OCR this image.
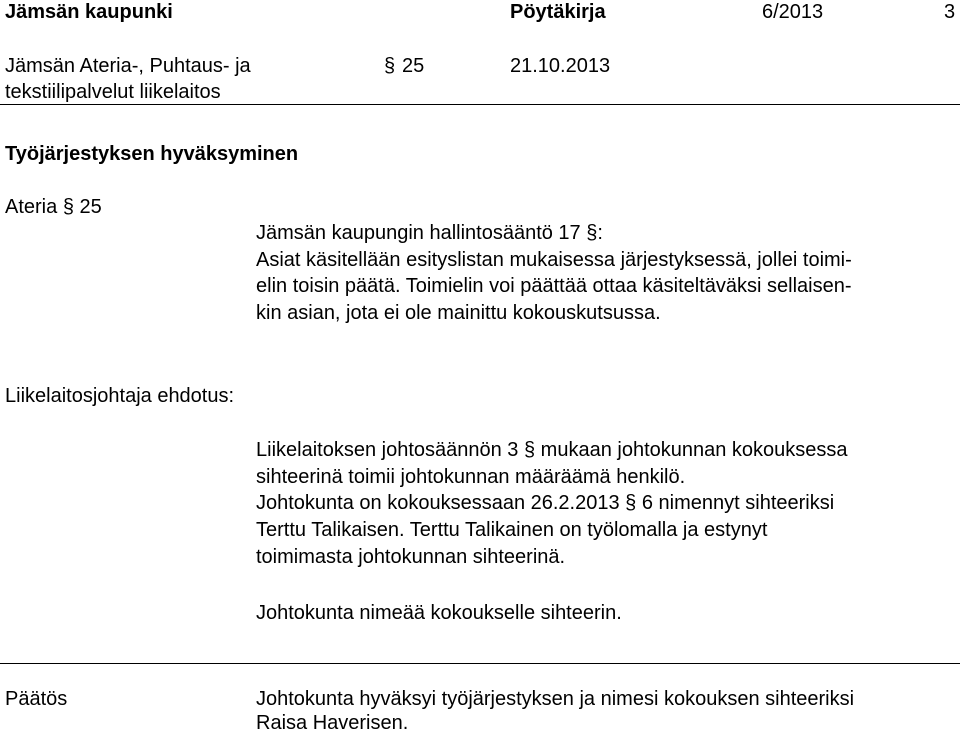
Jämsän kaupunki	Pöytäkirja	6/2013	3
Jämsän Ateria-, Puhtaus- ja
tekstiilipalvelut liikelaitos
§ 25	21.10.2013
Työjärjestyksen hyväksyminen
Ateria § 25
Jämsän kaupungin hallintosääntö 17 §:
Asiat käsitellään esityslistan mukaisessa järjestyksessä, jollei toimi-
elin toisin päätä. Toimielin voi päättää ottaa käsiteltäväksi sellaisen-
kin asian, jota ei ole mainittu kokouskutsussa.
Liikelaitosjohtaja ehdotus:
Liikelaitoksen johtosäännön 3 § mukaan johtokunnan kokouksessa
sihteerinä toimii johtokunnan määräämä henkilö.
Johtokunta on kokouksessaan 26.2.2013 § 6 nimennyt sihteeriksi
Terttu Talikaisen. Terttu Talikainen on työlomalla ja estynyt
toimimasta johtokunnan sihteerinä.
Johtokunta nimeää kokoukselle sihteerin.
Päätös	Johtokunta hyväksyi työjärjestyksen ja nimesi kokouksen sihteeriksi
Raisa Haverisen.
